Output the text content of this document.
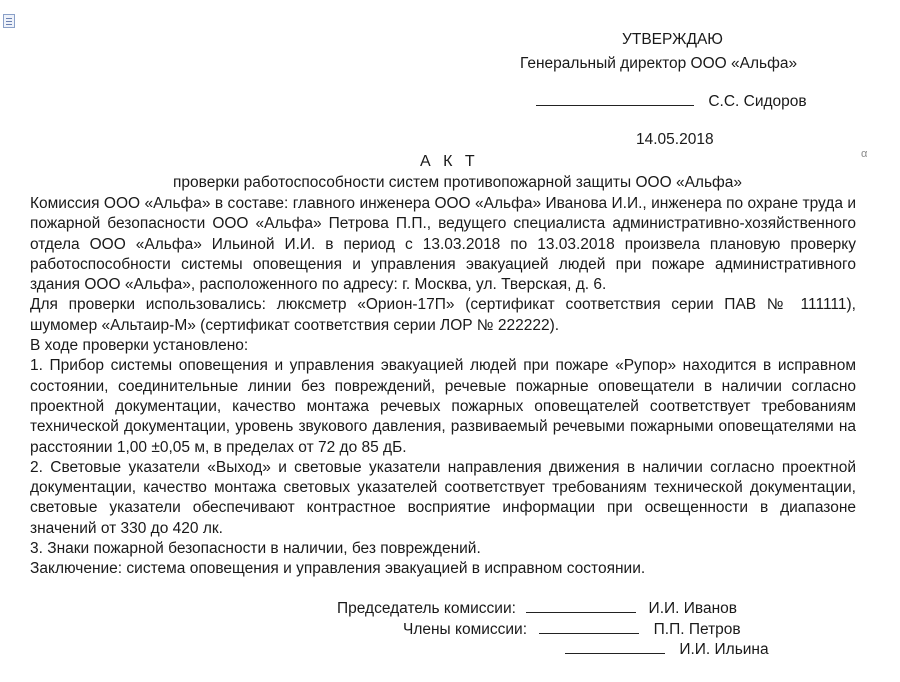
α
УТВЕРЖДАЮ
Генеральный директор ООО «Альфа»
С.С. Сидоров
14.05.2018
А К Т
проверки работоспособности систем противопожарной защиты ООО «Альфа»

Комиссия ООО «Альфа» в составе: главного инженера ООО «Альфа» Иванова И.И., инженера по охране труда и пожарной безопасности ООО «Альфа» Петрова П.П., ведущего специалиста административно-хозяйственного отдела ООО «Альфа» Ильиной И.И. в период с 13.03.2018 по 13.03.2018 произвела плановую проверку работоспособности системы оповещения и управления эвакуацией людей при пожаре административного здания ООО «Альфа», расположенного по адресу: г. Москва, ул. Тверская, д. 6.

Для проверки использовались: люксметр «Орион-17П» (сертификат соответствия серии ПАВ № 111111), шумомер «Альтаир-М» (сертификат соответствия серии ЛОР № 222222).

В ходе проверки установлено:

1. Прибор системы оповещения и управления эвакуацией людей при пожаре «Рупор» находится в исправном состоянии, соединительные линии без повреждений, речевые пожарные оповещатели в наличии согласно проектной документации, качество монтажа речевых пожарных оповещателей соответствует требованиям технической документации, уровень звукового давления, развиваемый речевыми пожарными оповещателями на расстоянии 1,00 ±0,05 м, в пределах от 72 до 85 дБ.

2. Световые указатели «Выход» и световые указатели направления движения в наличии согласно проектной документации, качество монтажа световых указателей соответствует требованиям технической документации, световые указатели обеспечивают контрастное восприятие информации при освещенности в диапазоне значений от 330 до 420 лк.

3. Знаки пожарной безопасности в наличии, без повреждений.

Заключение: система оповещения и управления эвакуацией в исправном состоянии.

Председатель комиссии:	И.И. Иванов
Члены комиссии:	П.П. Петров
И.И. Ильина
